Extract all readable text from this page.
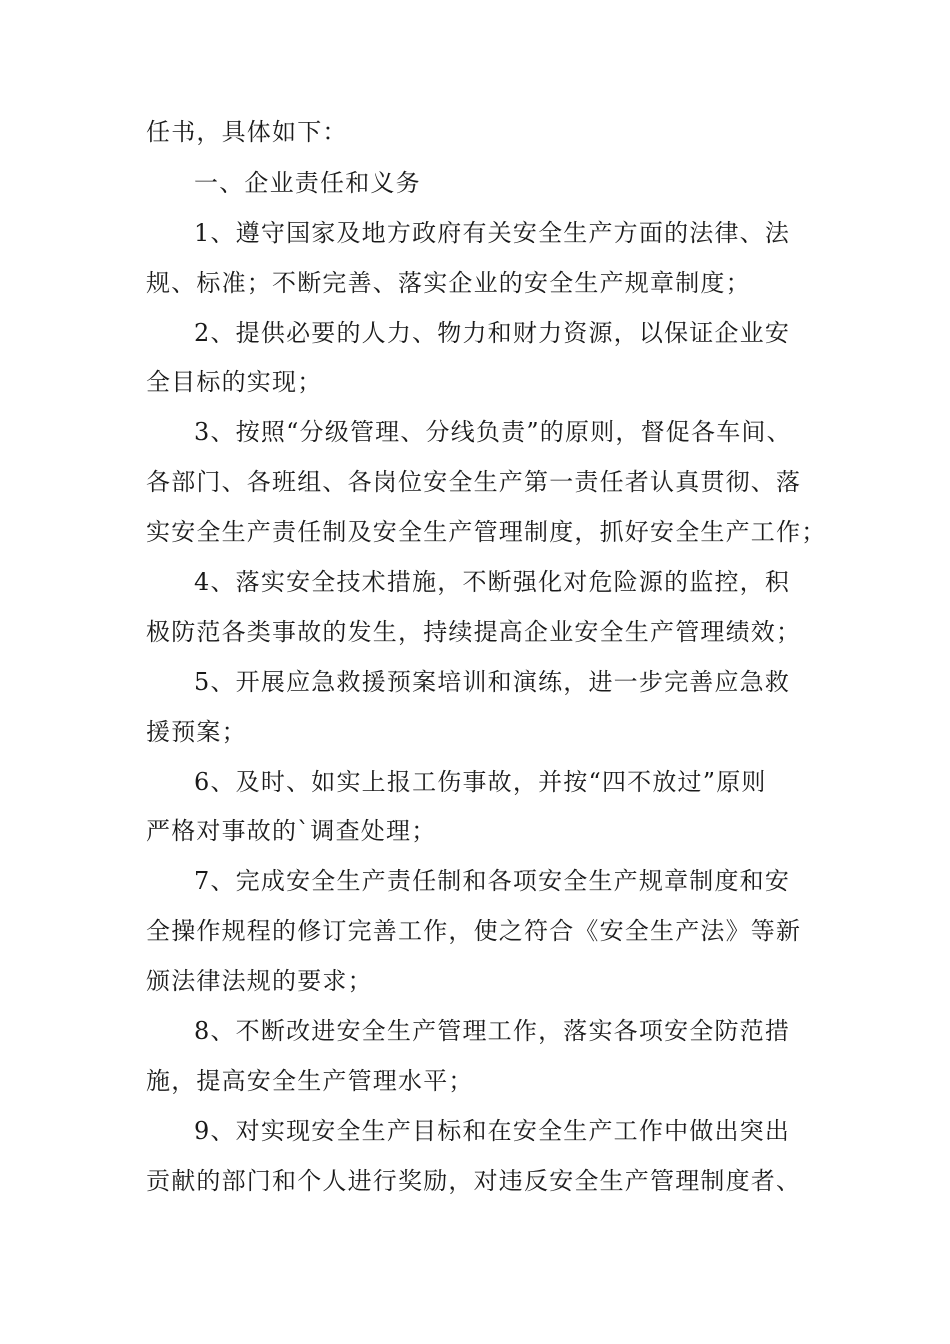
任书，具体如下：
一、企业责任和义务
1、遵守国家及地方政府有关安全生产方面的法律、法
规、标准；不断完善、落实企业的安全生产规章制度；
2、提供必要的人力、物力和财力资源，以保证企业安
全目标的实现；
3、按照“分级管理、分线负责”的原则，督促各车间、
各部门、各班组、各岗位安全生产第一责任者认真贯彻、落
实安全生产责任制及安全生产管理制度，抓好安全生产工作；
4、落实安全技术措施，不断强化对危险源的监控，积
极防范各类事故的发生，持续提高企业安全生产管理绩效；
5、开展应急救援预案培训和演练，进一步完善应急救
援预案；
6、及时、如实上报工伤事故，并按“四不放过”原则
严格对事故的`调查处理；
7、完成安全生产责任制和各项安全生产规章制度和安
全操作规程的修订完善工作，使之符合《安全生产法》等新
颁法律法规的要求；
8、不断改进安全生产管理工作，落实各项安全防范措
施，提高安全生产管理水平；
9、对实现安全生产目标和在安全生产工作中做出突出
贡献的部门和个人进行奖励，对违反安全生产管理制度者、
